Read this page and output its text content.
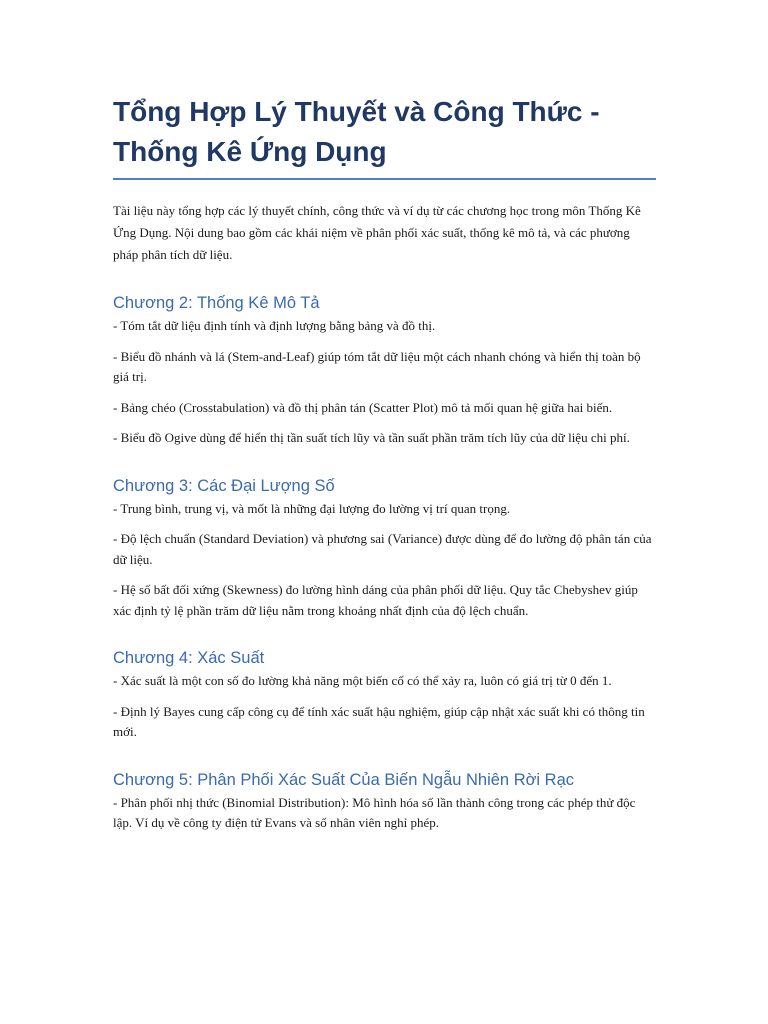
Tổng Hợp Lý Thuyết và Công Thức - Thống Kê Ứng Dụng

Tài liệu này tổng hợp các lý thuyết chính, công thức và ví dụ từ các chương học trong môn Thống Kê Ứng Dụng. Nội dung bao gồm các khái niệm về phân phối xác suất, thống kê mô tả, và các phương pháp phân tích dữ liệu.

Chương 2: Thống Kê Mô Tả

- Tóm tắt dữ liệu định tính và định lượng bằng bảng và đồ thị.

- Biểu đồ nhánh và lá (Stem-and-Leaf) giúp tóm tắt dữ liệu một cách nhanh chóng và hiển thị toàn bộ giá trị.

- Bảng chéo (Crosstabulation) và đồ thị phân tán (Scatter Plot) mô tả mối quan hệ giữa hai biến.

- Biểu đồ Ogive dùng để hiển thị tần suất tích lũy và tần suất phần trăm tích lũy của dữ liệu chi phí.

Chương 3: Các Đại Lượng Số

- Trung bình, trung vị, và mốt là những đại lượng đo lường vị trí quan trọng.

- Độ lệch chuẩn (Standard Deviation) và phương sai (Variance) được dùng để đo lường độ phân tán của dữ liệu.

- Hệ số bất đối xứng (Skewness) đo lường hình dáng của phân phối dữ liệu. Quy tắc Chebyshev giúp xác định tỷ lệ phần trăm dữ liệu nằm trong khoảng nhất định của độ lệch chuẩn.

Chương 4: Xác Suất

- Xác suất là một con số đo lường khả năng một biến cố có thể xảy ra, luôn có giá trị từ 0 đến 1.

- Định lý Bayes cung cấp công cụ để tính xác suất hậu nghiệm, giúp cập nhật xác suất khi có thông tin mới.

Chương 5: Phân Phối Xác Suất Của Biến Ngẫu Nhiên Rời Rạc

- Phân phối nhị thức (Binomial Distribution): Mô hình hóa số lần thành công trong các phép thử độc lập. Ví dụ về công ty điện tử Evans và số nhân viên nghỉ phép.
